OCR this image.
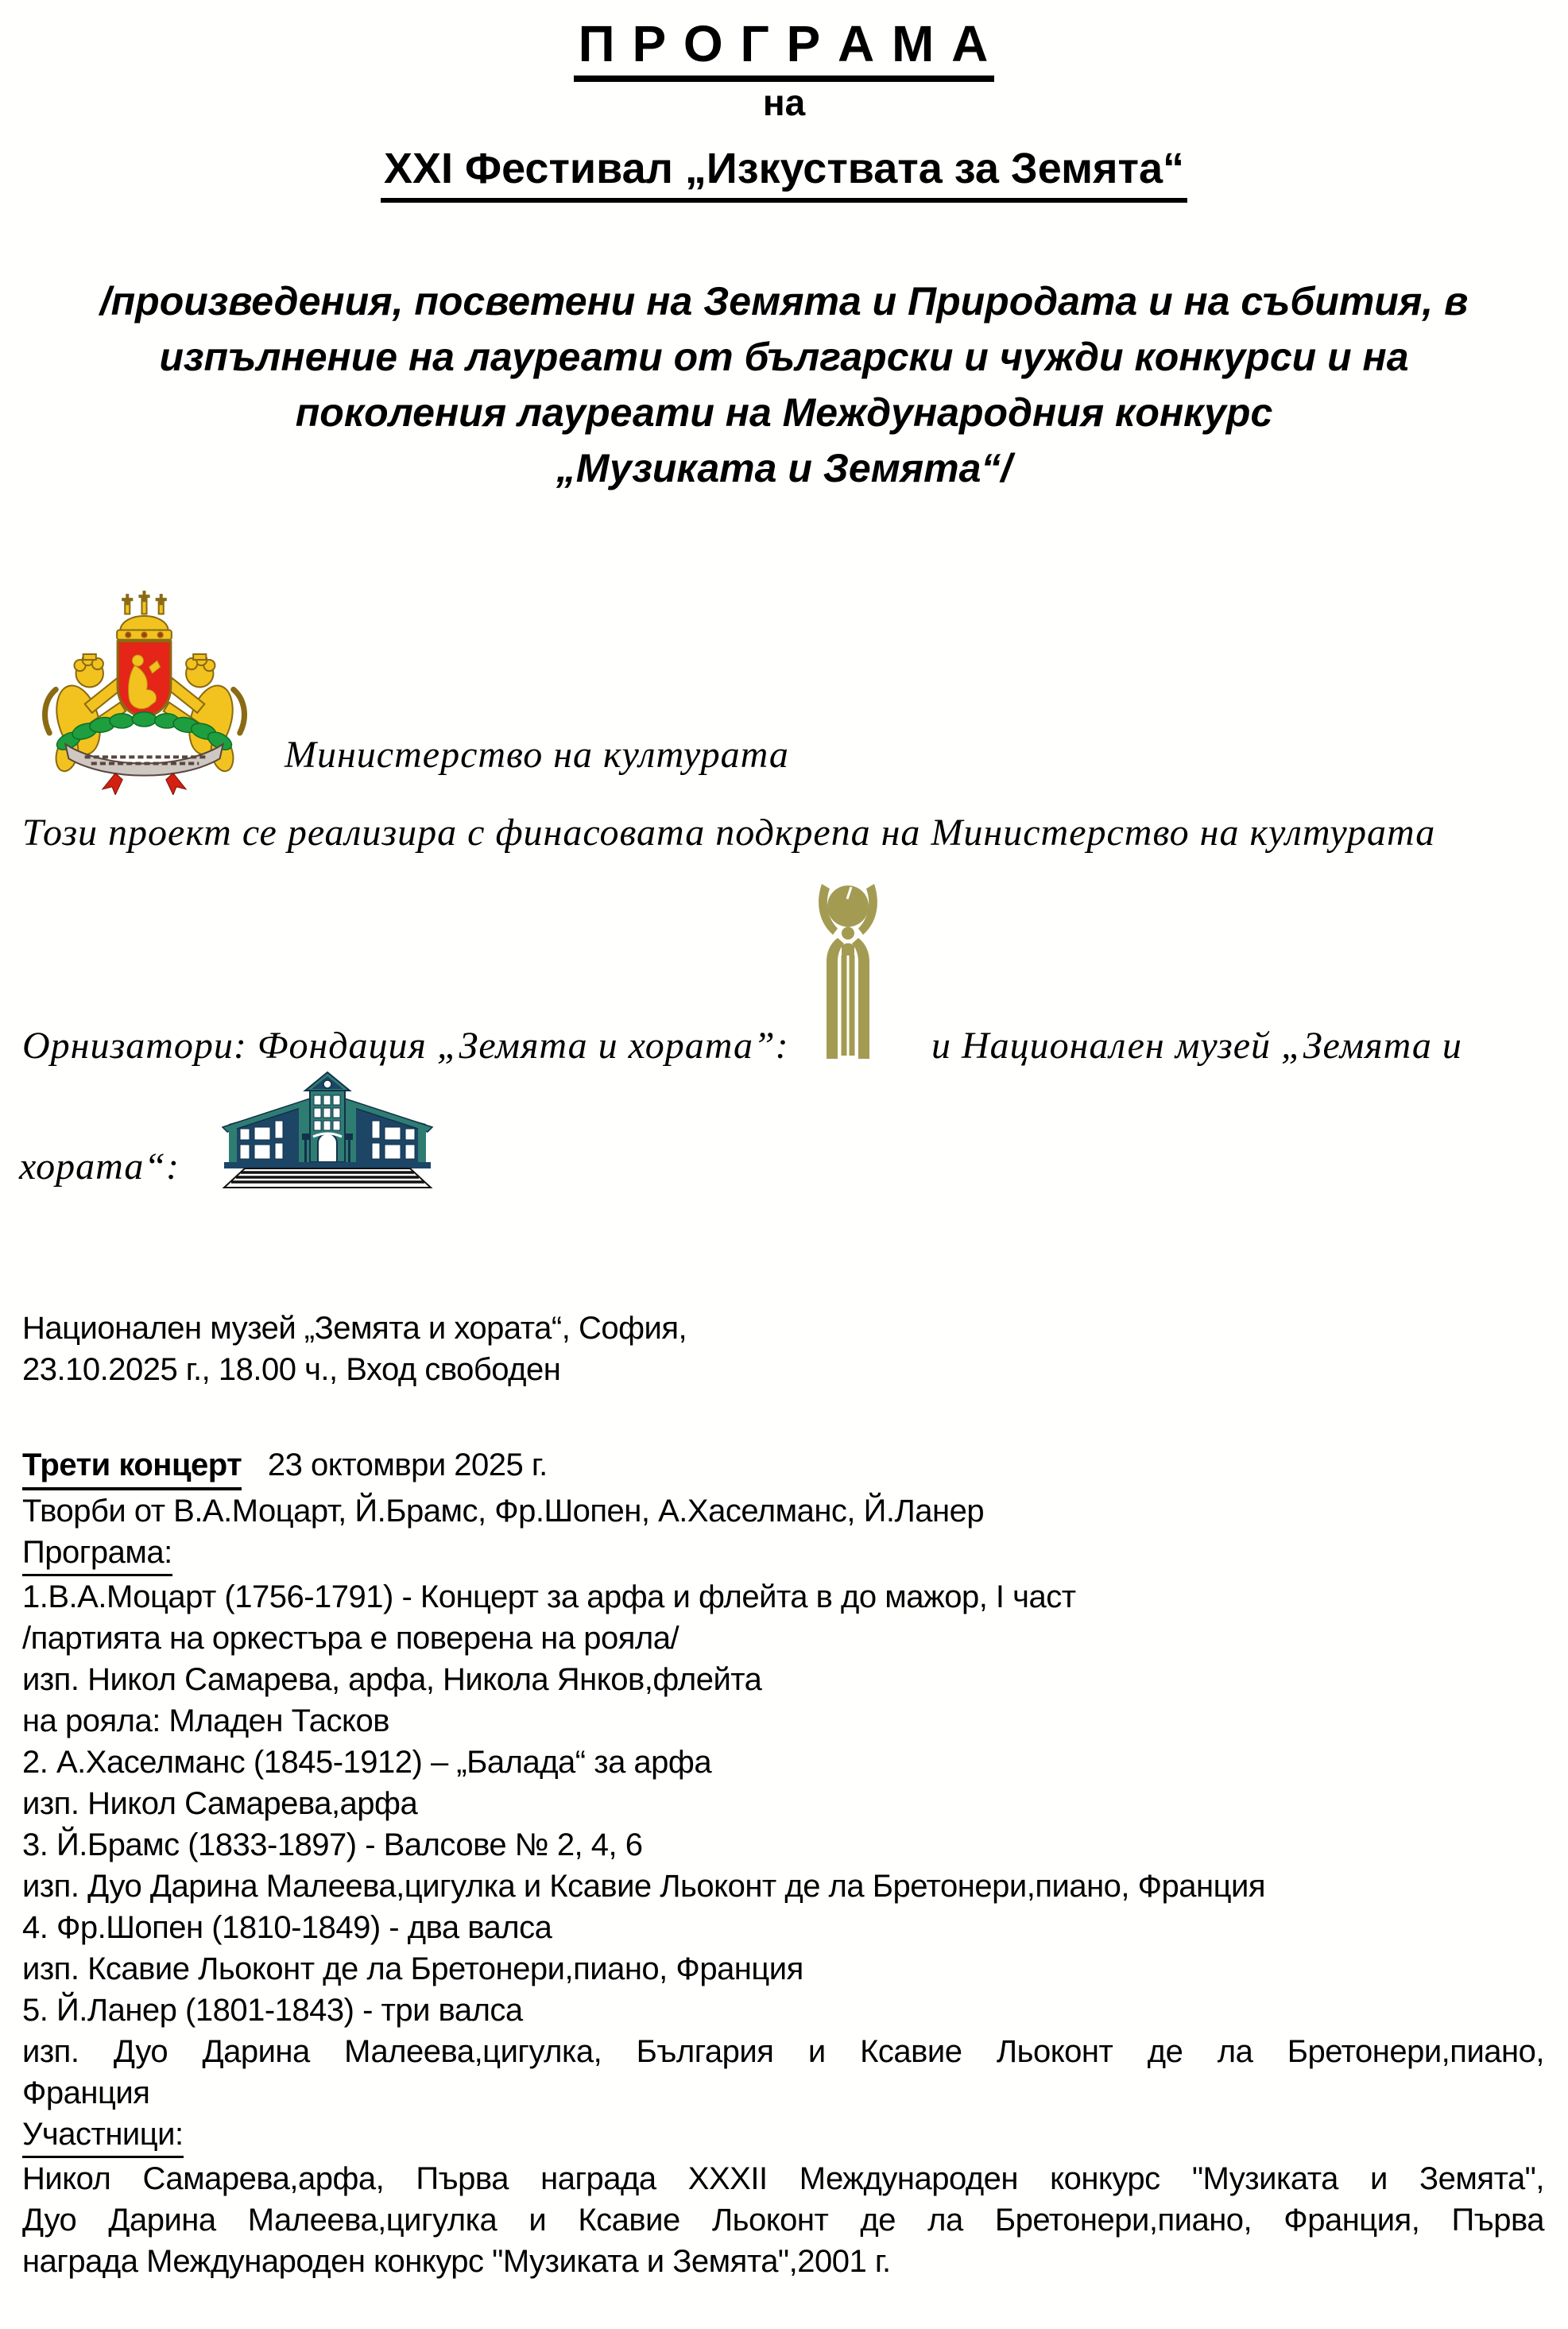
П Р О Г Р А М А
на
XXI Фестивал „Изкуствата за Земята“
/произведения, посветени на Земята и Природата и на събития, в
изпълнение на лауреати от български и чужди конкурси и на
поколения лауреати на Международния конкурс
„Музиката и Земята“/
Министерство на културата
Този проект се реализира с финасовата подкрепа на Министерство на културата
Орнизатори: Фондация „Земята и хората”:	и Национален музей „Земята и
хората“:
Национален музей „Земята и хората“, София,
23.10.2025 г., 18.00 ч., Вход свободен
Трети концерт 23 октомври 2025 г.
Творби от В.А.Моцарт, Й.Брамс, Фр.Шопен, А.Хаселманс, Й.Ланер
Програма:
1.В.А.Моцарт (1756-1791) - Концерт за арфа и флейта в до мажор, I част
/партията на оркестъра е поверена на рояла/
изп. Никол Самарева, арфа, Никола Янков,флейта
на рояла: Младен Тасков
2. А.Хаселманс (1845-1912) – „Балада“ за арфа
изп. Никол Самарева,арфа
3. Й.Брамс (1833-1897) - Валсове № 2, 4, 6
изп. Дуо Дарина Малеева,цигулка и Ксавие Льоконт де ла Бретонери,пиано, Франция
4. Фр.Шопен (1810-1849) - два валса
изп. Ксавие Льоконт де ла Бретонери,пиано, Франция
5. Й.Ланер (1801-1843) - три валса
изп. Дуо Дарина Малеева,цигулка, България и Ксавие Льоконт де ла Бретонери,пиано,
Франция
Участници:
Никол Самарева,арфа, Първа награда XXXII Международен конкурс "Музиката и Земята",
Дуо Дарина Малеева,цигулка и Ксавие Льоконт де ла Бретонери,пиано, Франция, Първа
награда Международен конкурс "Музиката и Земята",2001 г.
